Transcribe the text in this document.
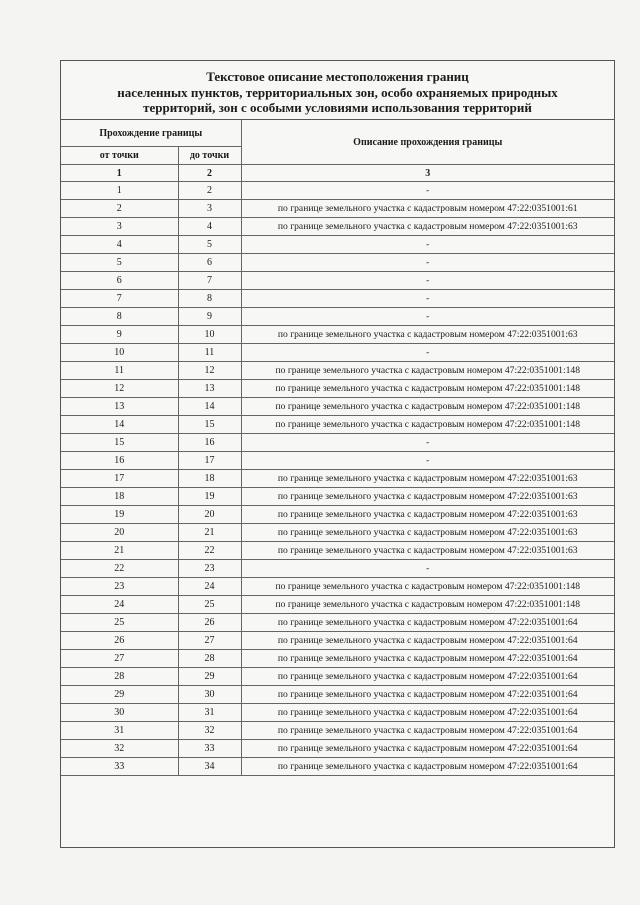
Текстовое описание местоположения границ
населенных пунктов, территориальных зон, особо охраняемых природных
территорий, зон с особыми условиями использования территорий
Прохождение границы		Описание прохождения границы
от точки	до точки	
1	2	3
1	2	-
2	3	по границе земельного участка с кадастровым номером 47:22:0351001:61
3	4	по границе земельного участка с кадастровым номером 47:22:0351001:63
4	5	-
5	6	-
6	7	-
7	8	-
8	9	-
9	10	по границе земельного участка с кадастровым номером 47:22:0351001:63
10	11	-
11	12	по границе земельного участка с кадастровым номером 47:22:0351001:148
12	13	по границе земельного участка с кадастровым номером 47:22:0351001:148
13	14	по границе земельного участка с кадастровым номером 47:22:0351001:148
14	15	по границе земельного участка с кадастровым номером 47:22:0351001:148
15	16	-
16	17	-
17	18	по границе земельного участка с кадастровым номером 47:22:0351001:63
18	19	по границе земельного участка с кадастровым номером 47:22:0351001:63
19	20	по границе земельного участка с кадастровым номером 47:22:0351001:63
20	21	по границе земельного участка с кадастровым номером 47:22:0351001:63
21	22	по границе земельного участка с кадастровым номером 47:22:0351001:63
22	23	-
23	24	по границе земельного участка с кадастровым номером 47:22:0351001:148
24	25	по границе земельного участка с кадастровым номером 47:22:0351001:148
25	26	по границе земельного участка с кадастровым номером 47:22:0351001:64
26	27	по границе земельного участка с кадастровым номером 47:22:0351001:64
27	28	по границе земельного участка с кадастровым номером 47:22:0351001:64
28	29	по границе земельного участка с кадастровым номером 47:22:0351001:64
29	30	по границе земельного участка с кадастровым номером 47:22:0351001:64
30	31	по границе земельного участка с кадастровым номером 47:22:0351001:64
31	32	по границе земельного участка с кадастровым номером 47:22:0351001:64
32	33	по границе земельного участка с кадастровым номером 47:22:0351001:64
33	34	по границе земельного участка с кадастровым номером 47:22:0351001:64
